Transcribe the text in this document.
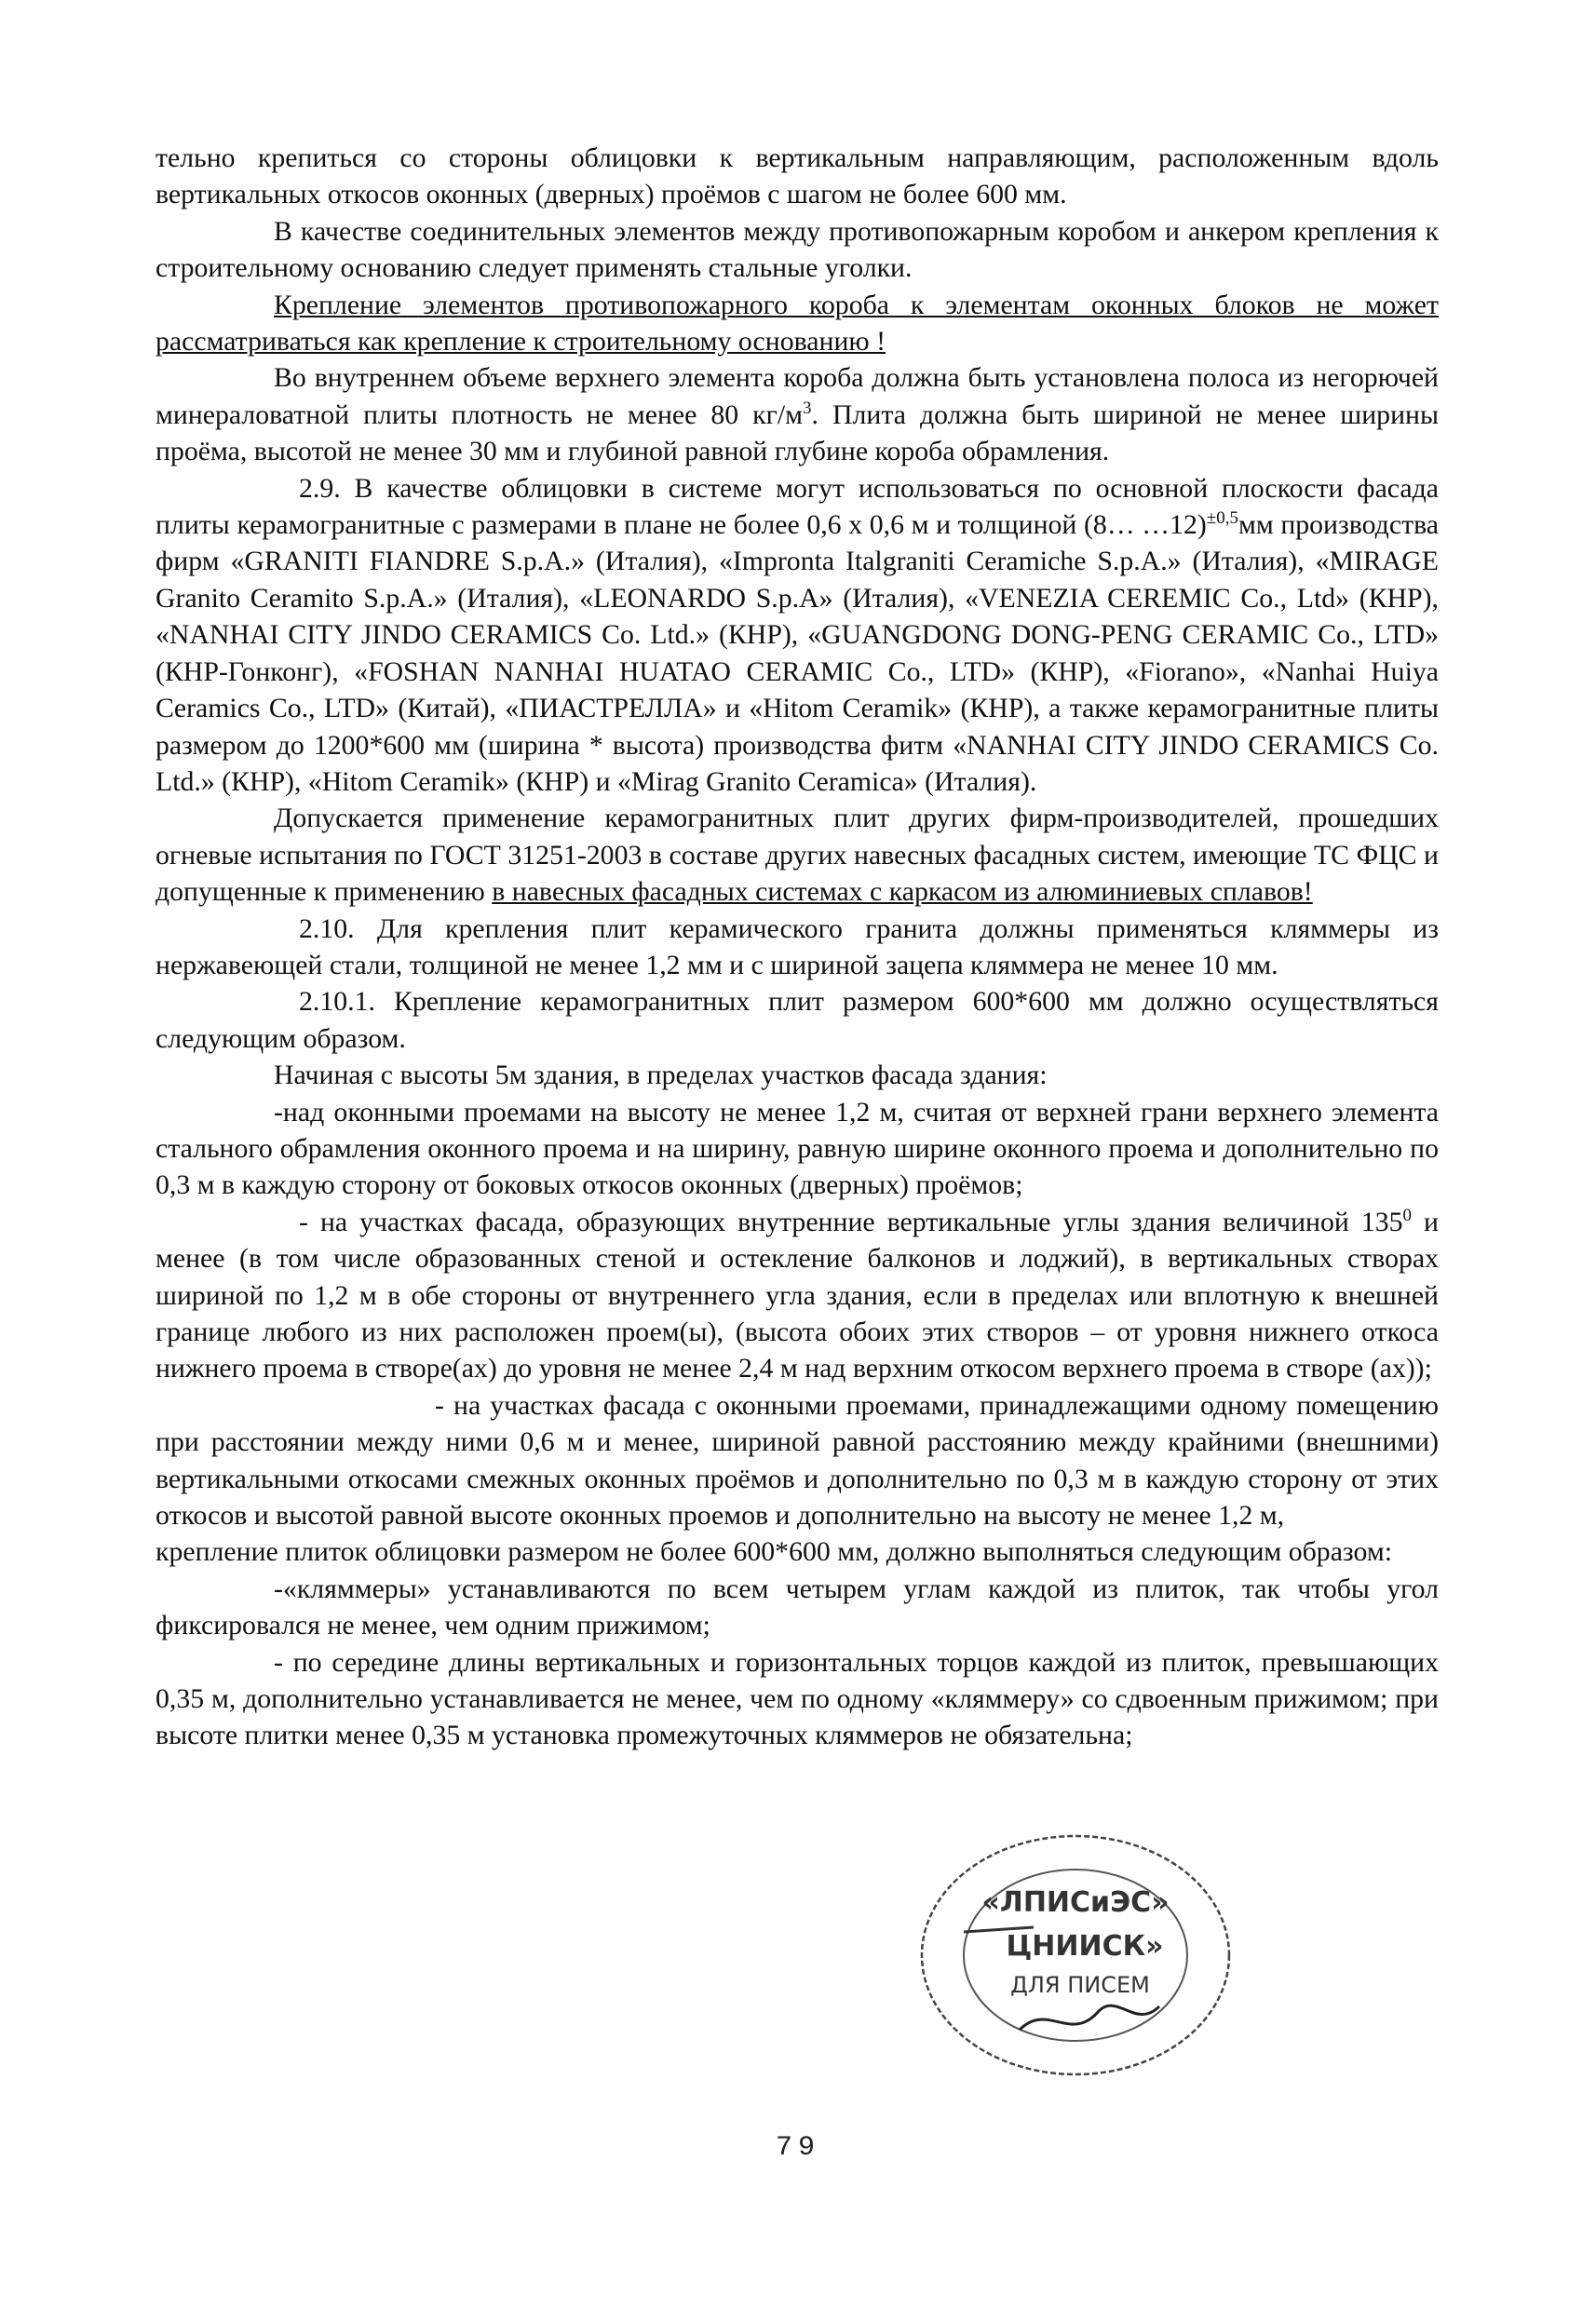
тельно крепиться со стороны облицовки к вертикальным направляющим, расположенным вдоль вертикальных откосов оконных (дверных) проёмов с шагом не более 600 мм.

В качестве соединительных элементов между противопожарным коробом и анкером крепления к строительному основанию следует применять стальные уголки.

Крепление элементов противопожарного короба к элементам оконных блоков не может рассматриваться как крепление к строительному основанию !

Во внутреннем объеме верхнего элемента короба должна быть установлена полоса из негорючей минераловатной плиты плотность не менее 80 $кг/м^3$. Плита должна быть шириной не менее ширины проёма, высотой не менее 30 мм и глубиной равной глубине короба обрамления.

2.9. В качестве облицовки в системе могут использоваться по основной плоскости фасада плиты керамогранитные с размерами в плане не более 0,6 х 0,6 м и толщиной (8… …12)$^{\pm 0,5}$мм производства фирм «GRANITI FIANDRE S.p.A.» (Италия), «Impronta Italgraniti Ceramiche S.p.A.» (Италия), «MIRAGE Granito Ceramito S.p.A.» (Италия), «LEONARDO S.p.A» (Италия), «VENEZIA CEREMIC Co., Ltd» (КНР), «NANHAI CITY JINDO CERAMICS Co. Ltd.» (КНР), «GUANGDONG DONG-PENG CERAMIC Co., LTD» (КНР-Гонконг), «FOSHAN NANHAI HUATAO CERAMIC Co., LTD» (КНР), «Fiorano», «Nanhai Huiya Ceramics Co., LTD» (Китай), «ПИАСТРЕЛЛА» и «Hitom Ceramik» (КНР), а также керамогранитные плиты размером до 1200*600 мм (ширина * высота) производства фитм «NANHAI CITY JINDO CERAMICS Co. Ltd.» (КНР), «Hitom Ceramik» (КНР) и «Mirag Granito Ceramica» (Италия).

Допускается применение керамогранитных плит других фирм-производителей, прошедших огневые испытания по ГОСТ 31251-2003 в составе других навесных фасадных систем, имеющие ТС ФЦС и допущенные к применению в навесных фасадных системах с каркасом из алюминиевых сплавов!

2.10. Для крепления плит керамического гранита должны применяться кляммеры из нержавеющей стали, толщиной не менее 1,2 мм и с шириной зацепа кляммера не менее 10 мм.

2.10.1. Крепление керамогранитных плит размером 600*600 мм должно осуществляться следующим образом.

Начиная с высоты 5м здания, в пределах участков фасада здания:

-над оконными проемами на высоту не менее 1,2 м, считая от верхней грани верхнего элемента стального обрамления оконного проема и на ширину, равную ширине оконного проема и дополнительно по 0,3 м в каждую сторону от боковых откосов оконных (дверных) проёмов;

- на участках фасада, образующих внутренние вертикальные углы здания величиной $135^0$ и менее (в том числе образованных стеной и остекление балконов и лоджий), в вертикальных створах шириной по 1,2 м в обе стороны от внутреннего угла здания, если в пределах или вплотную к внешней границе любого из них расположен проем(ы), (высота обоих этих створов – от уровня нижнего откоса нижнего проема в створе(ах) до уровня не менее 2,4 м над верхним откосом верхнего проема в створе (ах));

- на участках фасада с оконными проемами, принадлежащими одному помещению при расстоянии между ними 0,6 м и менее, шириной равной расстоянию между крайними (внешними) вертикальными откосами смежных оконных проёмов и дополнительно по 0,3 м в каждую сторону от этих откосов и высотой равной высоте оконных проемов и дополнительно на высоту не менее 1,2 м,

крепление плиток облицовки размером не более 600*600 мм, должно выполняться следующим образом:

-«кляммеры» устанавливаются по всем четырем углам каждой из плиток, так чтобы угол фиксировался не менее, чем одним прижимом;

- по середине длины вертикальных и горизонтальных торцов каждой из плиток, превышающих 0,35 м, дополнительно устанавливается не менее, чем по одному «кляммеру» со сдвоенным прижимом; при высоте плитки менее 0,35 м установка промежуточных кляммеров не обязательна;

«ЛПИСиЭС»
ЦНИИСК»
ДЛЯ ПИСЕМ
79
